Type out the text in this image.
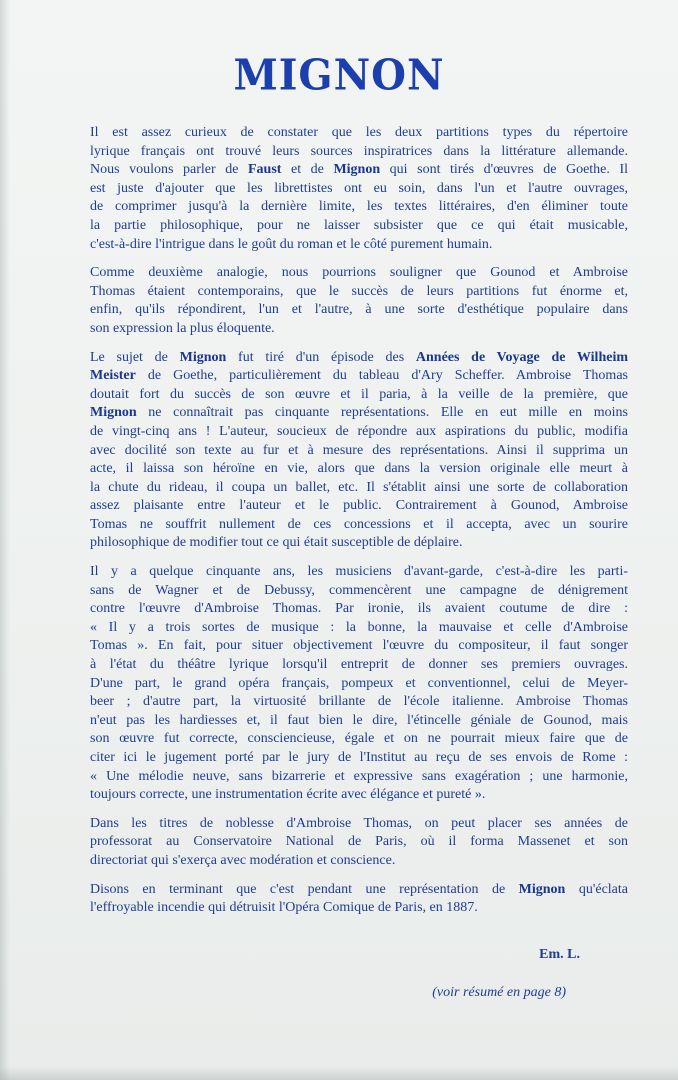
MIGNON
Il est assez curieux de constater que les deux partitions types du répertoire
lyrique français ont trouvé leurs sources inspiratrices dans la littérature allemande.
Nous voulons parler de Faust et de Mignon qui sont tirés d'œuvres de Goethe. Il
est juste d'ajouter que les librettistes ont eu soin, dans l'un et l'autre ouvrages,
de comprimer jusqu'à la dernière limite, les textes littéraires, d'en éliminer toute
la partie philosophique, pour ne laisser subsister que ce qui était musicable,
c'est-à-dire l'intrigue dans le goût du roman et le côté purement humain.
Comme deuxième analogie, nous pourrions souligner que Gounod et Ambroise
Thomas étaient contemporains, que le succès de leurs partitions fut énorme et,
enfin, qu'ils répondirent, l'un et l'autre, à une sorte d'esthétique populaire dans
son expression la plus éloquente.
Le sujet de Mignon fut tiré d'un épisode des Années de Voyage de Wilheim
Meister de Goethe, particulièrement du tableau d'Ary Scheffer. Ambroise Thomas
doutait fort du succès de son œuvre et il paria, à la veille de la première, que
Mignon ne connaîtrait pas cinquante représentations. Elle en eut mille en moins
de vingt-cinq ans ! L'auteur, soucieux de répondre aux aspirations du public, modifia
avec docilité son texte au fur et à mesure des représentations. Ainsi il supprima un
acte, il laissa son héroïne en vie, alors que dans la version originale elle meurt à
la chute du rideau, il coupa un ballet, etc. Il s'établit ainsi une sorte de collaboration
assez plaisante entre l'auteur et le public. Contrairement à Gounod, Ambroise
Tomas ne souffrit nullement de ces concessions et il accepta, avec un sourire
philosophique de modifier tout ce qui était susceptible de déplaire.
Il y a quelque cinquante ans, les musiciens d'avant-garde, c'est-à-dire les parti-
sans de Wagner et de Debussy, commencèrent une campagne de dénigrement
contre l'œuvre d'Ambroise Thomas. Par ironie, ils avaient coutume de dire :
« Il y a trois sortes de musique : la bonne, la mauvaise et celle d'Ambroise
Tomas ». En fait, pour situer objectivement l'œuvre du compositeur, il faut songer
à l'état du théâtre lyrique lorsqu'il entreprit de donner ses premiers ouvrages.
D'une part, le grand opéra français, pompeux et conventionnel, celui de Meyer-
beer ; d'autre part, la virtuosité brillante de l'école italienne. Ambroise Thomas
n'eut pas les hardiesses et, il faut bien le dire, l'étincelle géniale de Gounod, mais
son œuvre fut correcte, consciencieuse, égale et on ne pourrait mieux faire que de
citer ici le jugement porté par le jury de l'Institut au reçu de ses envois de Rome :
« Une mélodie neuve, sans bizarrerie et expressive sans exagération ; une harmonie,
toujours correcte, une instrumentation écrite avec élégance et pureté ».
Dans les titres de noblesse d'Ambroise Thomas, on peut placer ses années de
professorat au Conservatoire National de Paris, où il forma Massenet et son
directoriat qui s'exerça avec modération et conscience.
Disons en terminant que c'est pendant une représentation de Mignon qu'éclata
l'effroyable incendie qui détruisit l'Opéra Comique de Paris, en 1887.
Em. L.
(voir résumé en page 8)
